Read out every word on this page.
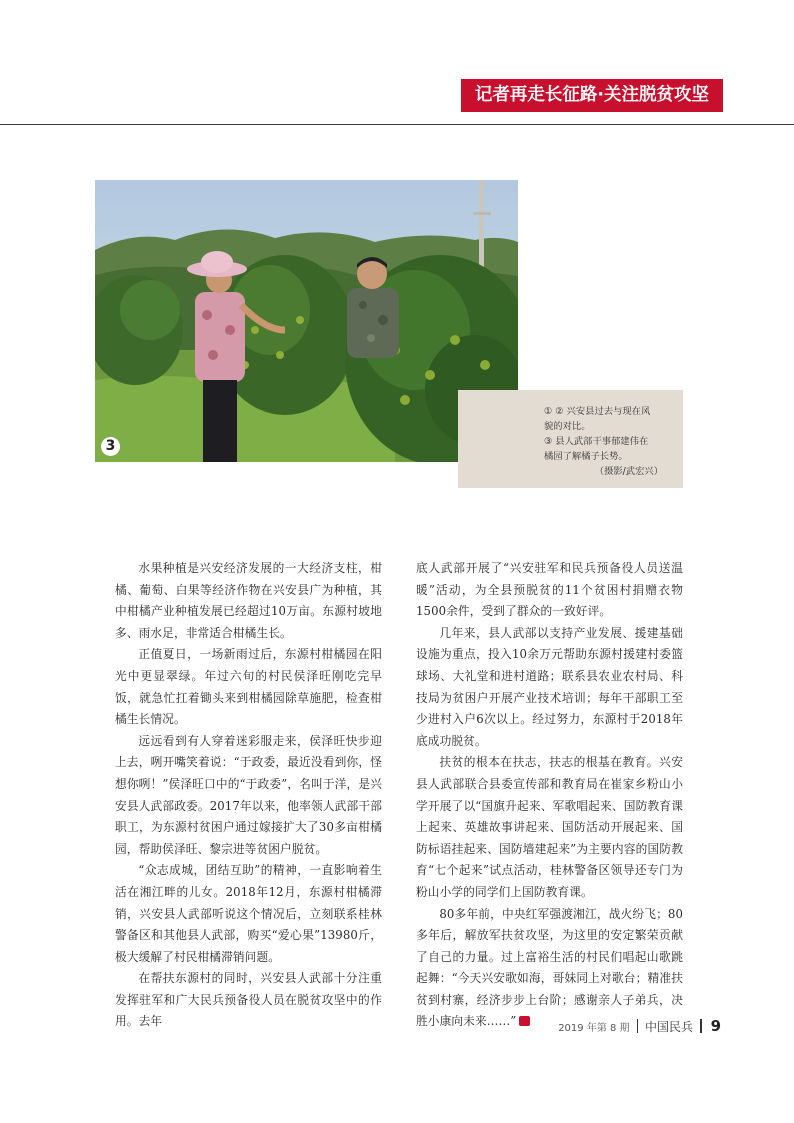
记者再走长征路·关注脱贫攻坚
3
① ② 兴安县过去与现在风
貌的对比。
③ 县人武部干事郁建伟在
橘园了解橘子长势。
（摄影/武宏兴）

水果种植是兴安经济发展的一大经济支柱，柑橘、葡萄、白果等经济作物在兴安县广为种植，其中柑橘产业种植发展已经超过10万亩。东源村坡地多、雨水足，非常适合柑橘生长。

正值夏日，一场新雨过后，东源村柑橘园在阳光中更显翠绿。年过六旬的村民侯泽旺刚吃完早饭，就急忙扛着锄头来到柑橘园除草施肥，检查柑橘生长情况。

远远看到有人穿着迷彩服走来，侯泽旺快步迎上去，咧开嘴笑着说：“于政委，最近没看到你，怪想你咧！”侯泽旺口中的“于政委”，名叫于洋，是兴安县人武部政委。2017年以来，他率领人武部干部职工，为东源村贫困户通过嫁接扩大了30多亩柑橘园，帮助侯泽旺、黎宗进等贫困户脱贫。

“众志成城，团结互助”的精神，一直影响着生活在湘江畔的儿女。2018年12月，东源村柑橘滞销，兴安县人武部听说这个情况后，立刻联系桂林警备区和其他县人武部，购买“爱心果”13980斤，极大缓解了村民柑橘滞销问题。

在帮扶东源村的同时，兴安县人武部十分注重发挥驻军和广大民兵预备役人员在脱贫攻坚中的作用。去年

底人武部开展了“兴安驻军和民兵预备役人员送温暖”活动，为全县预脱贫的11个贫困村捐赠衣物1500余件，受到了群众的一致好评。

几年来，县人武部以支持产业发展、援建基础设施为重点，投入10余万元帮助东源村援建村委篮球场、大礼堂和进村道路；联系县农业农村局、科技局为贫困户开展产业技术培训；每年干部职工至少进村入户6次以上。经过努力，东源村于2018年底成功脱贫。

扶贫的根本在扶志，扶志的根基在教育。兴安县人武部联合县委宣传部和教育局在崔家乡粉山小学开展了以“国旗升起来、军歌唱起来、国防教育课上起来、英雄故事讲起来、国防活动开展起来、国防标语挂起来、国防墙建起来”为主要内容的国防教育“七个起来”试点活动，桂林警备区领导还专门为粉山小学的同学们上国防教育课。

80多年前，中央红军强渡湘江，战火纷飞；80多年后，解放军扶贫攻坚，为这里的安定繁荣贡献了自己的力量。过上富裕生活的村民们唱起山歌跳起舞：“今天兴安歌如海，哥妹同上对歌台；精准扶贫到村寨，经济步步上台阶；感谢亲人子弟兵，决胜小康向未来……”	2019 年第 8 期 中国民兵 9
